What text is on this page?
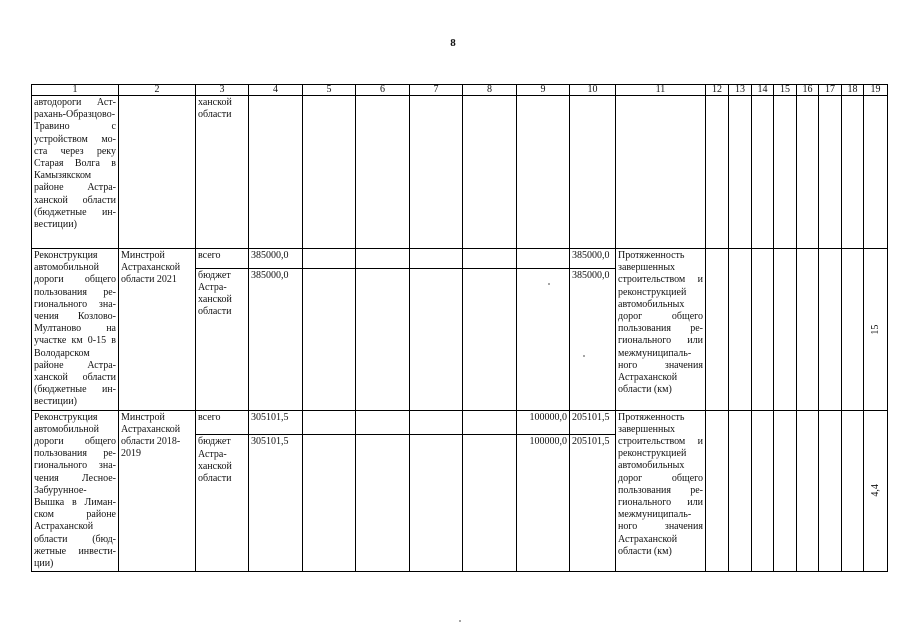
8
1	2	3	4	5	6	7	8	9	10	11	12	13	14	15	16	17	18	19
автодороги Аст-рахань-Образцово-Травино с устройством мо-ста через реку Старая Волга в Камызякском районе Астра-ханской области (бюджетные ин-вестиции)		ханской области																
Реконструкция автомобильной дороги общего пользования ре-гионального зна-чения Козлово-Мултаново на участке км 0-15 в Володарском районе Астра-ханской области (бюджетные ин-вестиции)	Минстрой Астраханской области 2021	всего	385000,0						385000,0	Протяженность завершенных строительством и реконструкцией автомобильных дорог общего пользования ре-гионального или межмуниципаль-ного значения Астраханской области (км)								15
		бюджет Астра-ханской области	385000,0						385000,0									
Реконструкция автомобильной дороги общего пользования ре-гионального зна-чения Лесное-Забурунное-Вышка в Лиман-ском районе Астраханской области (бюд-жетные инвести-ции)	Минстрой Астраханской области 2018-2019	всего	305101,5					100000,0	205101,5	Протяженность завершенных строительством и реконструкцией автомобильных дорог общего пользования ре-гионального или межмуниципаль-ного значения Астраханской области (км)								4,4
		бюджет Астра-ханской области	305101,5					100000,0	205101,5									
